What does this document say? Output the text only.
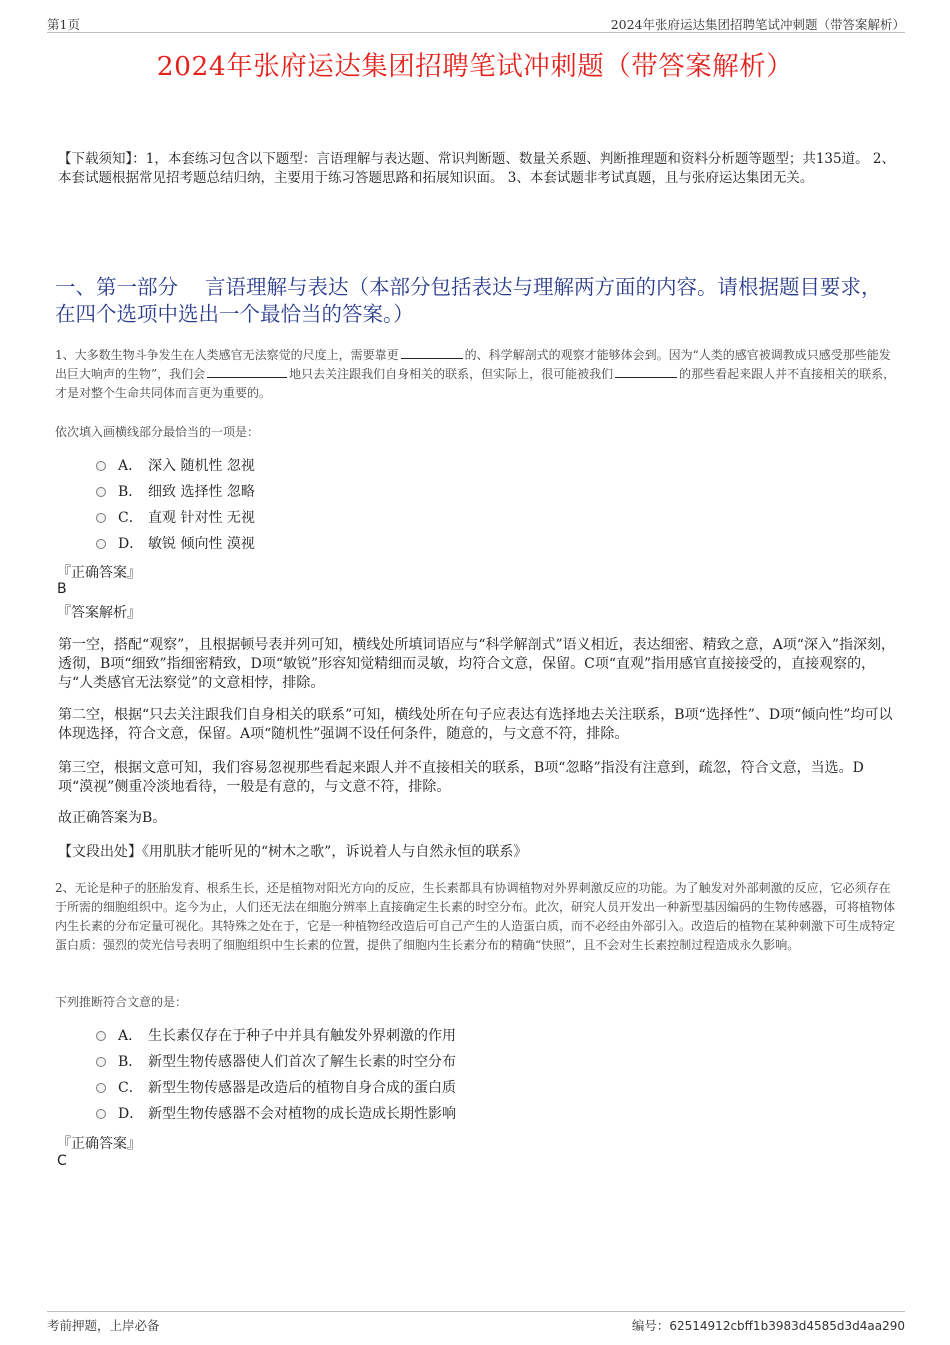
第1页	2024年张府运达集团招聘笔试冲刺题（带答案解析）
2024年张府运达集团招聘笔试冲刺题（带答案解析）
【下载须知】：1，本套练习包含以下题型：言语理解与表达题、常识判断题、数量关系题、判断推理题和资料分析题等题型；共135道。 2、本套试题根据常见招考题总结归纳，主要用于练习答题思路和拓展知识面。 3、本套试题非考试真题，且与张府运达集团无关。
一、第一部分　 言语理解与表达（本部分包括表达与理解两方面的内容。请根据题目要求，在四个选项中选出一个最恰当的答案。）
1、大多数生物斗争发生在人类感官无法察觉的尺度上，需要靠更	的、科学解剖式的观察才能够体会到。因为“人类的感官被调教成只感受那些能发出巨大响声的生物”，我们会	地只去关注跟我们自身相关的联系，但实际上，很可能被我们	的那些看起来跟人并不直接相关的联系，才是对整个生命共同体而言更为重要的。
依次填入画横线部分最恰当的一项是：
A． 深入 随机性 忽视
B． 细致 选择性 忽略
C． 直观 针对性 无视
D． 敏锐 倾向性 漠视
『正确答案』
B
『答案解析』
第一空，搭配“观察”，且根据顿号表并列可知，横线处所填词语应与“科学解剖式”语义相近，表达细密、精致之意，A项“深入”指深刻，透彻，B项“细致”指细密精致，D项“敏锐”形容知觉精细而灵敏，均符合文意，保留。C项“直观”指用感官直接接受的，直接观察的，与“人类感官无法察觉”的文意相悖，排除。
第二空，根据“只去关注跟我们自身相关的联系”可知，横线处所在句子应表达有选择地去关注联系，B项“选择性”、D项“倾向性”均可以体现选择，符合文意，保留。A项“随机性”强调不设任何条件，随意的，与文意不符，排除。
第三空，根据文意可知，我们容易忽视那些看起来跟人并不直接相关的联系，B项“忽略”指没有注意到，疏忽，符合文意，当选。D项“漠视”侧重冷淡地看待，一般是有意的，与文意不符，排除。
故正确答案为B。
【文段出处】《用肌肤才能听见的“树木之歌”，诉说着人与自然永恒的联系》
2、无论是种子的胚胎发育、根系生长，还是植物对阳光方向的反应，生长素都具有协调植物对外界刺激反应的功能。为了触发对外部刺激的反应，它必须存在于所需的细胞组织中。迄今为止，人们还无法在细胞分辨率上直接确定生长素的时空分布。此次，研究人员开发出一种新型基因编码的生物传感器，可将植物体内生长素的分布定量可视化。其特殊之处在于，它是一种植物经改造后可自己产生的人造蛋白质，而不必经由外部引入。改造后的植物在某种刺激下可生成特定蛋白质：强烈的荧光信号表明了细胞组织中生长素的位置，提供了细胞内生长素分布的精确“快照”，且不会对生长素控制过程造成永久影响。
下列推断符合文意的是：
A． 生长素仅存在于种子中并具有触发外界刺激的作用
B． 新型生物传感器使人们首次了解生长素的时空分布
C． 新型生物传感器是改造后的植物自身合成的蛋白质
D． 新型生物传感器不会对植物的成长造成长期性影响
『正确答案』
C
考前押题，上岸必备	编号：62514912cbff1b3983d4585d3d4aa290
